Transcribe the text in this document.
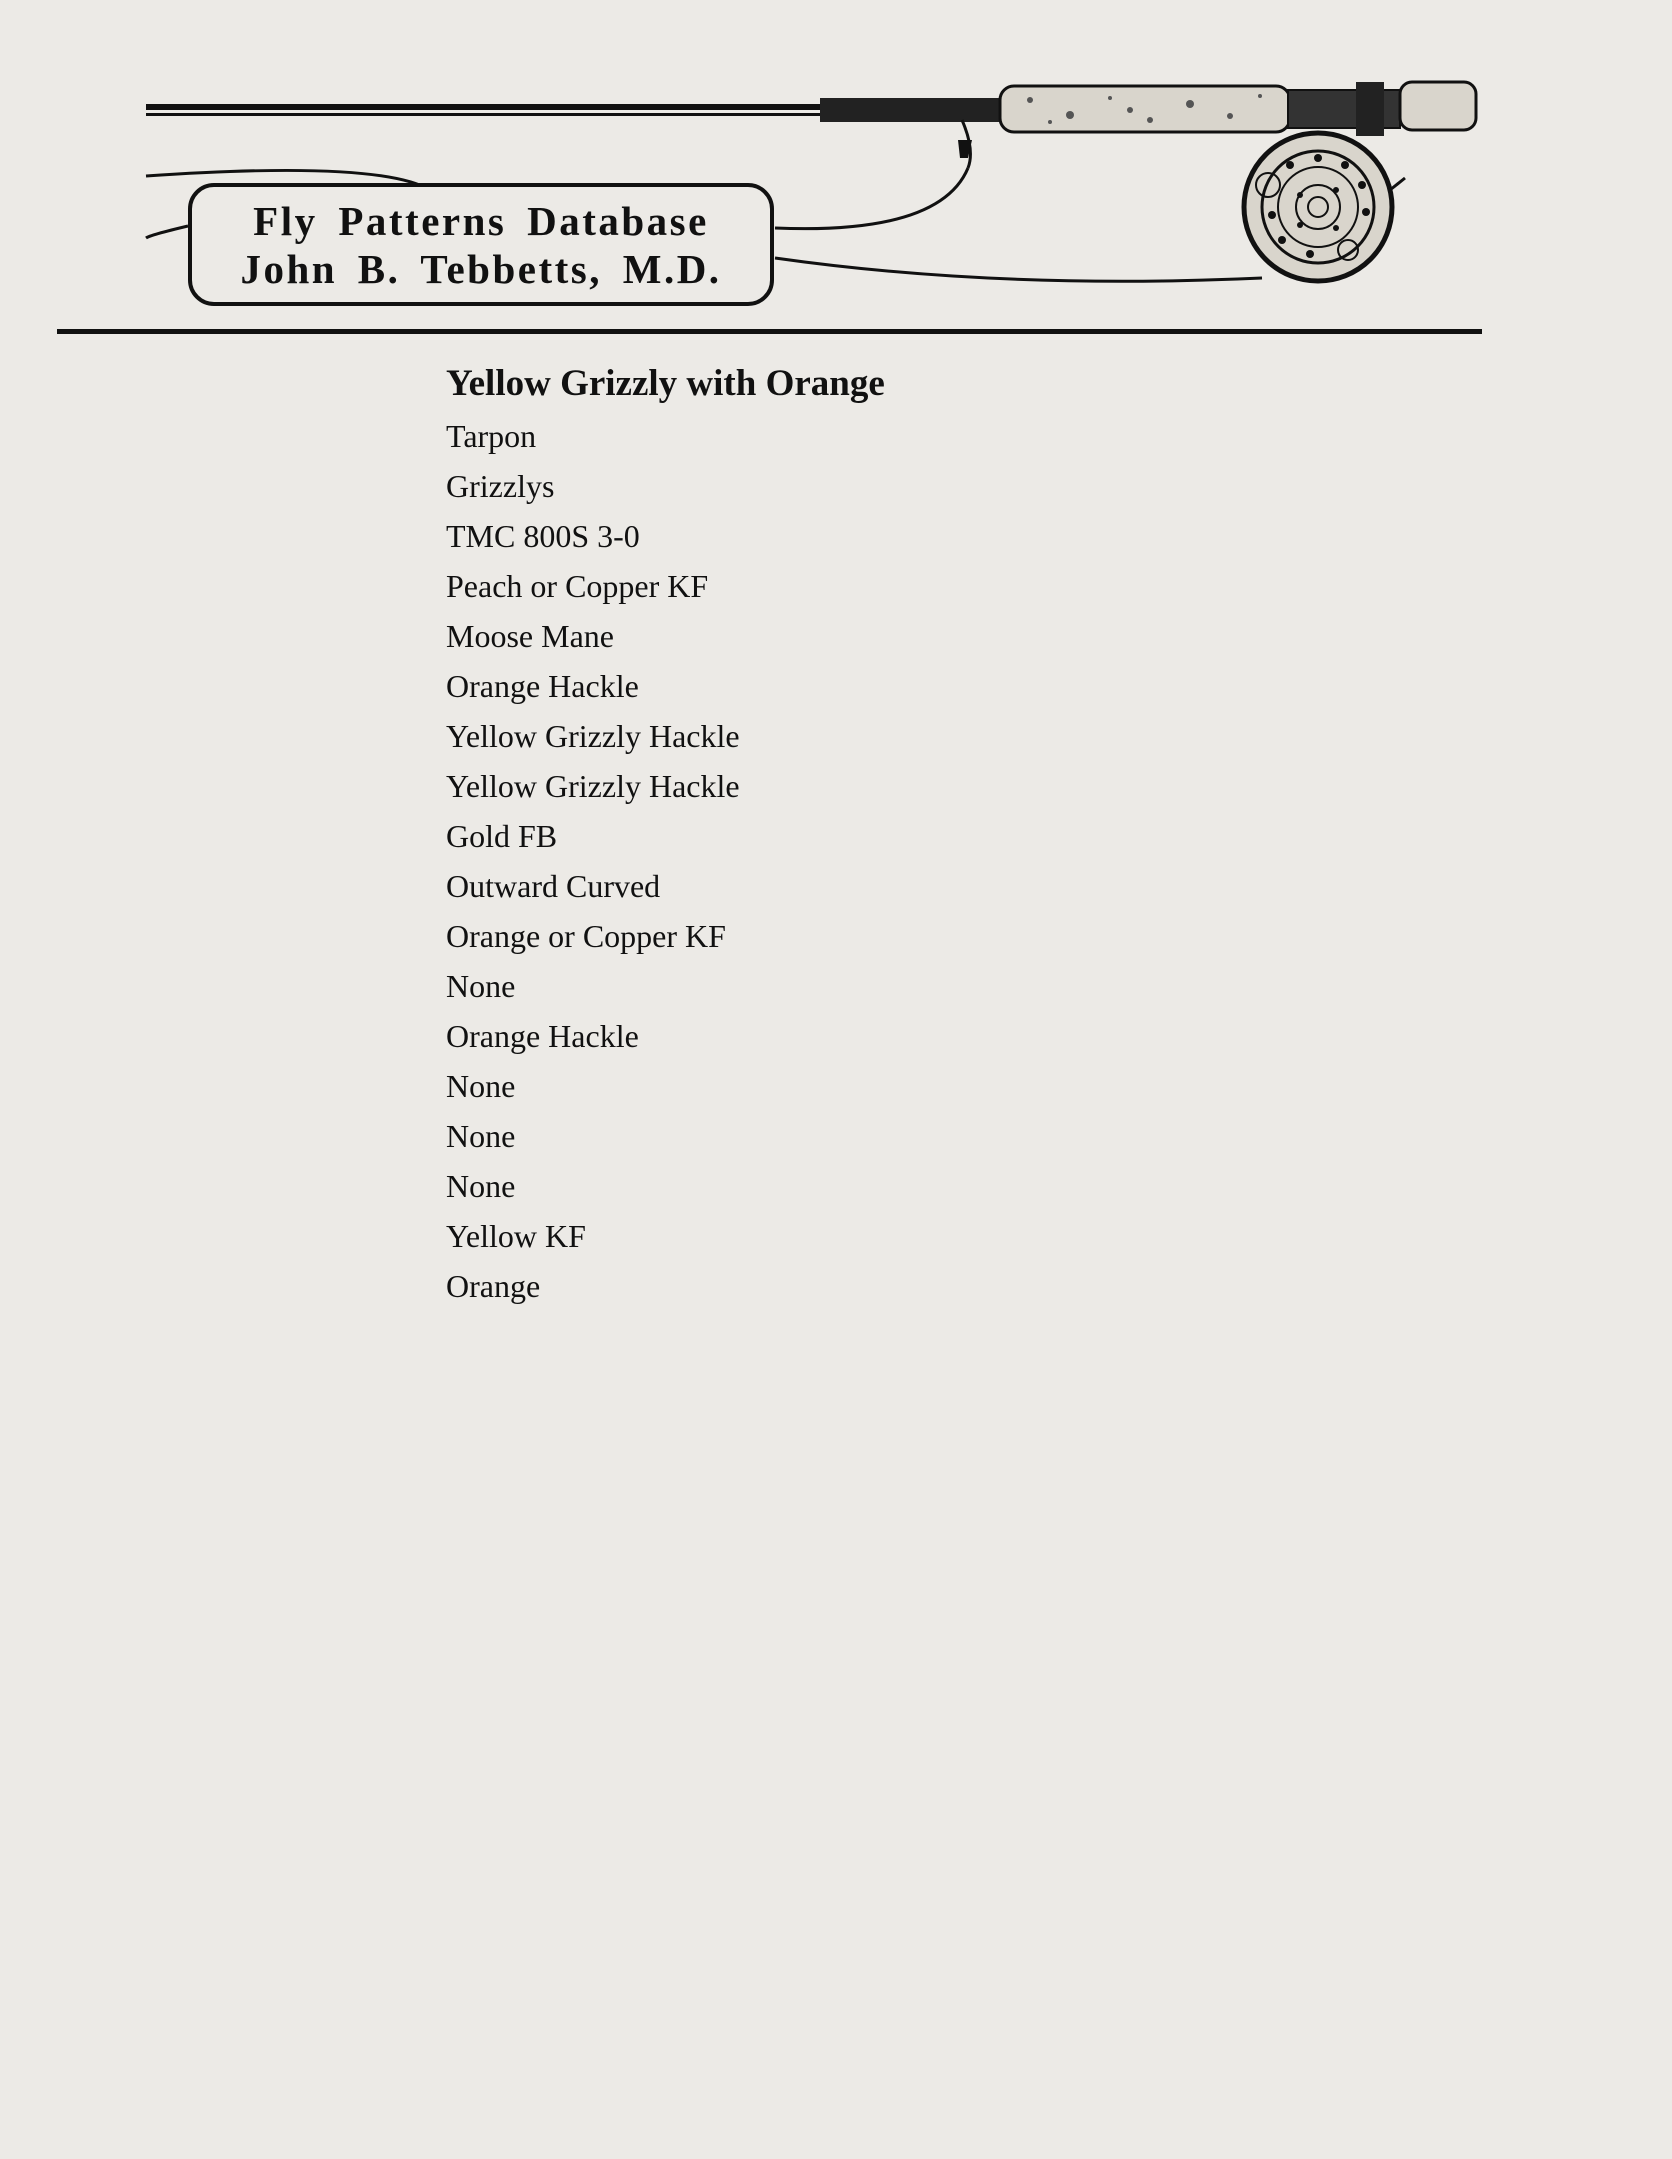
Fly Patterns Database
John B. Tebbetts, M.D.
Yellow Grizzly with Orange
Tarpon
Grizzlys
TMC 800S 3-0
Peach or Copper KF
Moose Mane
Orange Hackle
Yellow Grizzly Hackle
Yellow Grizzly Hackle
Gold FB
Outward Curved
Orange or Copper KF
None
Orange Hackle
None
None
None
Yellow KF
Orange
